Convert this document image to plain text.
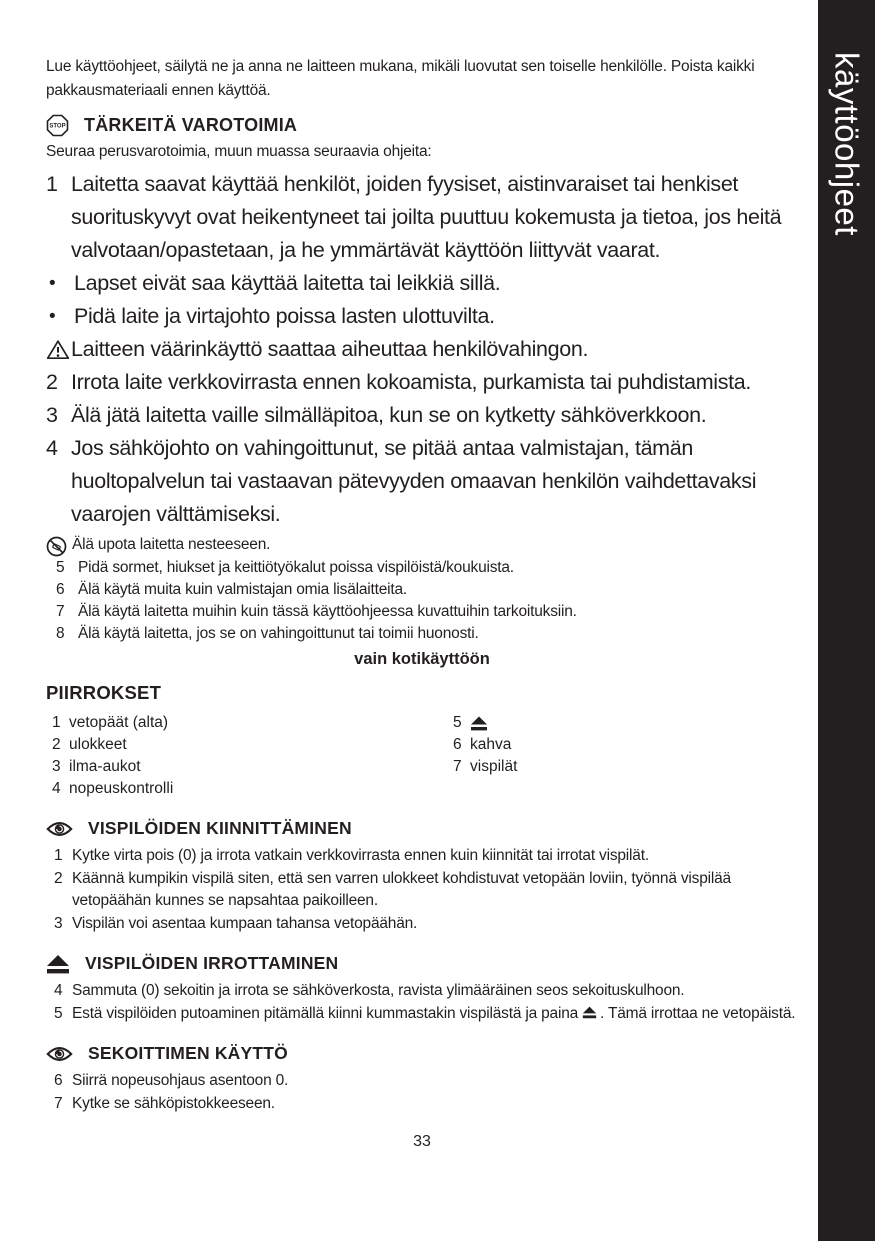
Lue käyttöohjeet, säilytä ne ja anna ne laitteen mukana, mikäli luovutat sen toiselle henkilölle. Poista kaikki pakkausmateriaali ennen käyttöä.

STOP TÄRKEITÄ VAROTOIMIA

Seuraa perusvarotoimia, muun muassa seuraavia ohjeita:

1 Laitetta saavat käyttää henkilöt, joiden fyysiset, aistinvaraiset tai henkiset suorituskyvyt ovat heikentyneet tai joilta puuttuu kokemusta ja tietoa, jos heitä valvotaan/opastetaan, ja he ymmärtävät käyttöön liittyvät vaarat.
• Lapset eivät saa käyttää laitetta tai leikkiä sillä.
• Pidä laite ja virtajohto poissa lasten ulottuvilta.
Laitteen väärinkäyttö saattaa aiheuttaa henkilövahingon.
2 Irrota laite verkkovirrasta ennen kokoamista, purkamista tai puhdistamista.
3 Älä jätä laitetta vaille silmälläpitoa, kun se on kytketty sähköverkkoon.
4 Jos sähköjohto on vahingoittunut, se pitää antaa valmistajan, tämän huoltopalvelun tai vastaavan pätevyyden omaavan henkilön vaihdettavaksi vaarojen välttämiseksi.
Älä upota laitetta nesteeseen.
5 Pidä sormet, hiukset ja keittiötyökalut poissa vispilöistä/koukuista.
6 Älä käytä muita kuin valmistajan omia lisälaitteita.
7 Älä käytä laitetta muihin kuin tässä käyttöohjeessa kuvattuihin tarkoituksiin.
8 Älä käytä laitetta, jos se on vahingoittunut tai toimii huonosti.
vain kotikäyttöön
PIIRROKSET
1 vetopäät (alta)
2 ulokkeet
3 ilma-aukot
4 nopeuskontrolli
5
6 kahva
7 vispilät
VISPILÖIDEN KIINNITTÄMINEN
1 Kytke virta pois (0) ja irrota vatkain verkkovirrasta ennen kuin kiinnität tai irrotat vispilät.
2 Käännä kumpikin vispilä siten, että sen varren ulokkeet kohdistuvat vetopään loviin, työnnä vispilää vetopäähän kunnes se napsahtaa paikoilleen.
3 Vispilän voi asentaa kumpaan tahansa vetopäähän.
VISPILÖIDEN IRROTTAMINEN
4 Sammuta (0) sekoitin ja irrota se sähköverkosta, ravista ylimääräinen seos sekoituskulhoon.
5 Estä vispilöiden putoaminen pitämällä kiinni kummastakin vispilästä ja paina . Tämä irrottaa ne vetopäistä.
SEKOITTIMEN KÄYTTÖ
6 Siirrä nopeusohjaus asentoon 0.
7 Kytke se sähköpistokkeeseen.
33
käyttöohjeet
